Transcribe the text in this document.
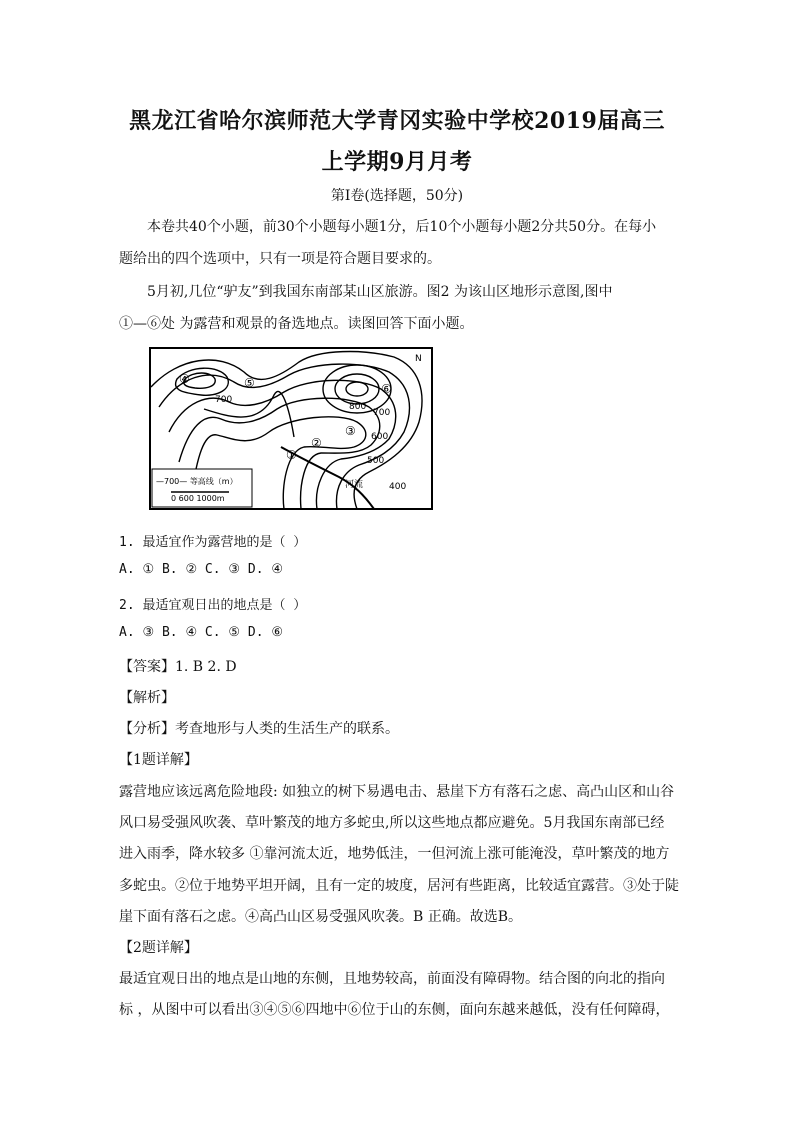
黑龙江省哈尔滨师范大学青冈实验中学校2019届高三
上学期9月月考
第Ⅰ卷(选择题，50分)
本卷共40个小题，前30个小题每小题1分，后10个小题每小题2分共50分。在每小
题给出的四个选项中，只有一项是符合题目要求的。
5月初,几位“驴友”到我国东南部某山区旅游。图2 为该山区地形示意图,图中
①—⑥处 为露营和观景的备选地点。读图回答下面小题。
N
700
800
700
600
500
400
①
②
③
④	⑤	⑥
河流
—700— 等高线（m）
0 600 1000m
1. 最适宜作为露营地的是（ ）
A. ① B. ② C. ③ D. ④
2. 最适宜观日出的地点是（ ）
A. ③ B. ④ C. ⑤ D. ⑥
【答案】1. B 2. D
【解析】
【分析】考查地形与人类的生活生产的联系。
【1题详解】
露营地应该远离危险地段: 如独立的树下易遇电击、悬崖下方有落石之虑、高凸山区和山谷
风口易受强风吹袭、草叶繁茂的地方多蛇虫,所以这些地点都应避免。5月我国东南部已经
进入雨季，降水较多 ①靠河流太近，地势低洼，一但河流上涨可能淹没，草叶繁茂的地方
多蛇虫。②位于地势平坦开阔，且有一定的坡度，居河有些距离，比较适宜露营。③处于陡
崖下面有落石之虑。④高凸山区易受强风吹袭。B 正确。故选B。
【2题详解】
最适宜观日出的地点是山地的东侧，且地势较高，前面没有障碍物。结合图的向北的指向
标 ，从图中可以看出③④⑤⑥四地中⑥位于山的东侧，面向东越来越低，没有任何障碍，
